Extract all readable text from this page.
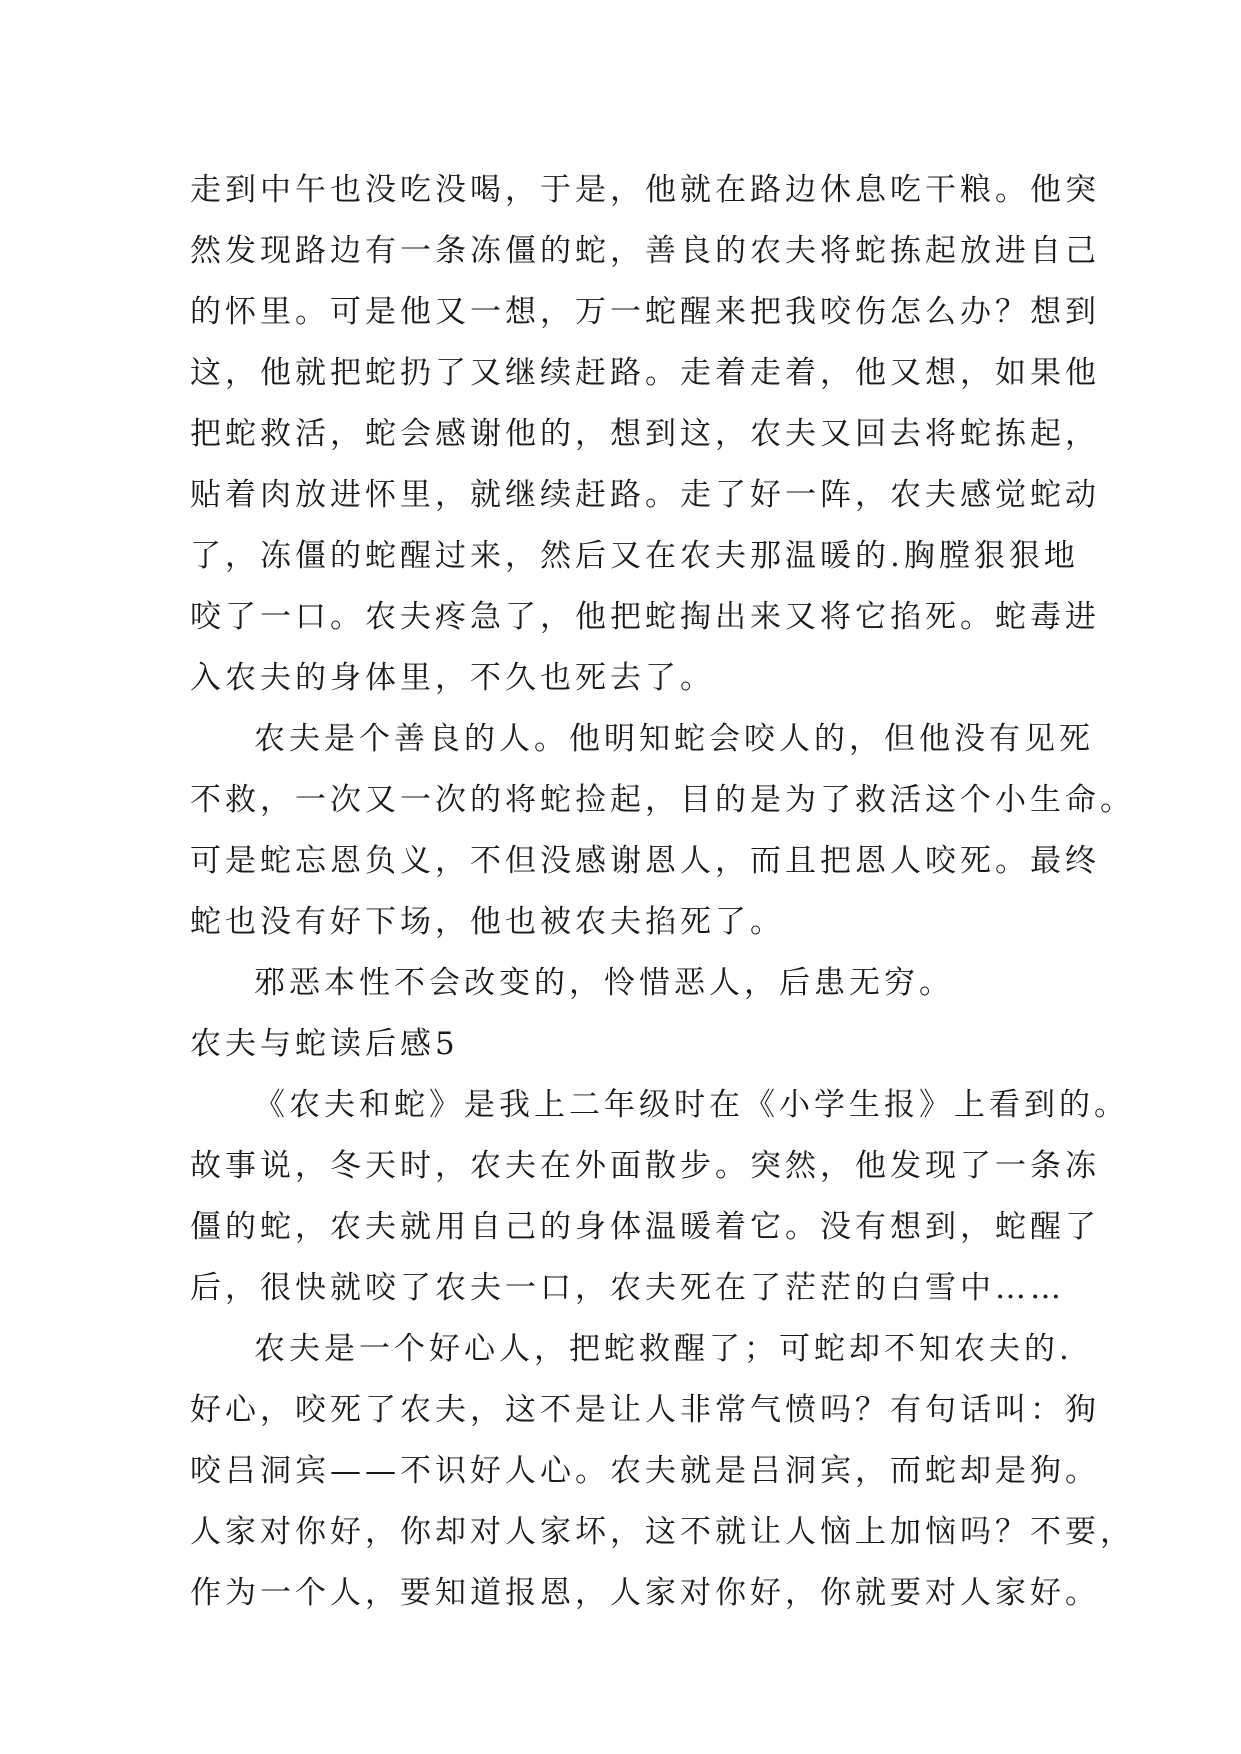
走到中午也没吃没喝，于是，他就在路边休息吃干粮。他突
然发现路边有一条冻僵的蛇，善良的农夫将蛇拣起放进自己
的怀里。可是他又一想，万一蛇醒来把我咬伤怎么办？想到
这，他就把蛇扔了又继续赶路。走着走着，他又想，如果他
把蛇救活，蛇会感谢他的，想到这，农夫又回去将蛇拣起，
贴着肉放进怀里，就继续赶路。走了好一阵，农夫感觉蛇动
了，冻僵的蛇醒过来，然后又在农夫那温暖的.胸膛狠狠地
咬了一口。农夫疼急了，他把蛇掏出来又将它掐死。蛇毒进
入农夫的身体里，不久也死去了。
农夫是个善良的人。他明知蛇会咬人的，但他没有见死
不救，一次又一次的将蛇捡起，目的是为了救活这个小生命。
可是蛇忘恩负义，不但没感谢恩人，而且把恩人咬死。最终
蛇也没有好下场，他也被农夫掐死了。
邪恶本性不会改变的，怜惜恶人，后患无穷。
农夫与蛇读后感5
《农夫和蛇》是我上二年级时在《小学生报》上看到的。
故事说，冬天时，农夫在外面散步。突然，他发现了一条冻
僵的蛇，农夫就用自己的身体温暖着它。没有想到，蛇醒了
后，很快就咬了农夫一口，农夫死在了茫茫的白雪中……
农夫是一个好心人，把蛇救醒了；可蛇却不知农夫的.
好心，咬死了农夫，这不是让人非常气愤吗？有句话叫：狗
咬吕洞宾——不识好人心。农夫就是吕洞宾，而蛇却是狗。
人家对你好，你却对人家坏，这不就让人恼上加恼吗？不要，
作为一个人，要知道报恩，人家对你好，你就要对人家好。
